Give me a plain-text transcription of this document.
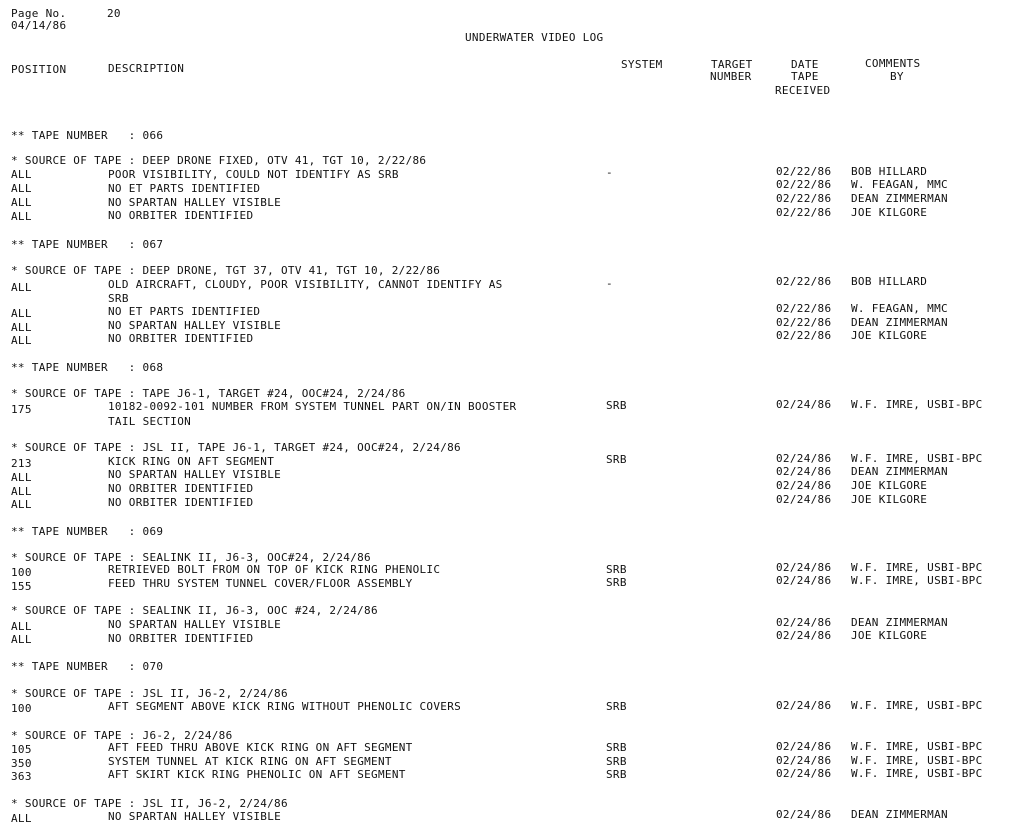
Page No.	20
04/14/86
UNDERWATER VIDEO LOG
POSITION	DESCRIPTION	SYSTEM	TARGET
NUMBER
DATE
TAPE
RECEIVED
COMMENTS
BY
** TAPE NUMBER   : 066
* SOURCE OF TAPE : DEEP DRONE FIXED, OTV 41, TGT 10, 2/22/86
ALL	POOR VISIBILITY, COULD NOT IDENTIFY AS SRB	-	02/22/86 BOB HILLARD
ALL	NO ET PARTS IDENTIFIED	02/22/86 W. FEAGAN, MMC
ALL	NO SPARTAN HALLEY VISIBLE	02/22/86 DEAN ZIMMERMAN
ALL	NO ORBITER IDENTIFIED	02/22/86 JOE KILGORE
** TAPE NUMBER   : 067
* SOURCE OF TAPE : DEEP DRONE, TGT 37, OTV 41, TGT 10, 2/22/86
ALL	OLD AIRCRAFT, CLOUDY, POOR VISIBILITY, CANNOT IDENTIFY AS
SRB
-	02/22/86 BOB HILLARD
ALL	NO ET PARTS IDENTIFIED	02/22/86 W. FEAGAN, MMC
ALL	NO SPARTAN HALLEY VISIBLE	02/22/86 DEAN ZIMMERMAN
ALL	NO ORBITER IDENTIFIED	02/22/86 JOE KILGORE
** TAPE NUMBER   : 068
* SOURCE OF TAPE : TAPE J6-1, TARGET #24, OOC#24, 2/24/86
175	10182-0092-101 NUMBER FROM SYSTEM TUNNEL PART ON/IN BOOSTER
TAIL SECTION
SRB	02/24/86 W.F. IMRE, USBI-BPC
* SOURCE OF TAPE : JSL II, TAPE J6-1, TARGET #24, OOC#24, 2/24/86
213	KICK RING ON AFT SEGMENT	SRB	02/24/86 W.F. IMRE, USBI-BPC
ALL	NO SPARTAN HALLEY VISIBLE	02/24/86 DEAN ZIMMERMAN
ALL	NO ORBITER IDENTIFIED	02/24/86 JOE KILGORE
ALL	NO ORBITER IDENTIFIED	02/24/86 JOE KILGORE
** TAPE NUMBER   : 069
* SOURCE OF TAPE : SEALINK II, J6-3, OOC#24, 2/24/86
100	RETRIEVED BOLT FROM ON TOP OF KICK RING PHENOLIC	SRB	02/24/86 W.F. IMRE, USBI-BPC
155	FEED THRU SYSTEM TUNNEL COVER/FLOOR ASSEMBLY	SRB	02/24/86 W.F. IMRE, USBI-BPC
* SOURCE OF TAPE : SEALINK II, J6-3, OOC #24, 2/24/86
ALL	NO SPARTAN HALLEY VISIBLE	02/24/86 DEAN ZIMMERMAN
ALL	NO ORBITER IDENTIFIED	02/24/86 JOE KILGORE
** TAPE NUMBER   : 070
* SOURCE OF TAPE : JSL II, J6-2, 2/24/86
100	AFT SEGMENT ABOVE KICK RING WITHOUT PHENOLIC COVERS	SRB	02/24/86 W.F. IMRE, USBI-BPC
* SOURCE OF TAPE : J6-2, 2/24/86
105	AFT FEED THRU ABOVE KICK RING ON AFT SEGMENT	SRB	02/24/86 W.F. IMRE, USBI-BPC
350	SYSTEM TUNNEL AT KICK RING ON AFT SEGMENT	SRB	02/24/86 W.F. IMRE, USBI-BPC
363	AFT SKIRT KICK RING PHENOLIC ON AFT SEGMENT	SRB	02/24/86 W.F. IMRE, USBI-BPC
* SOURCE OF TAPE : JSL II, J6-2, 2/24/86
ALL	NO SPARTAN HALLEY VISIBLE	02/24/86 DEAN ZIMMERMAN
